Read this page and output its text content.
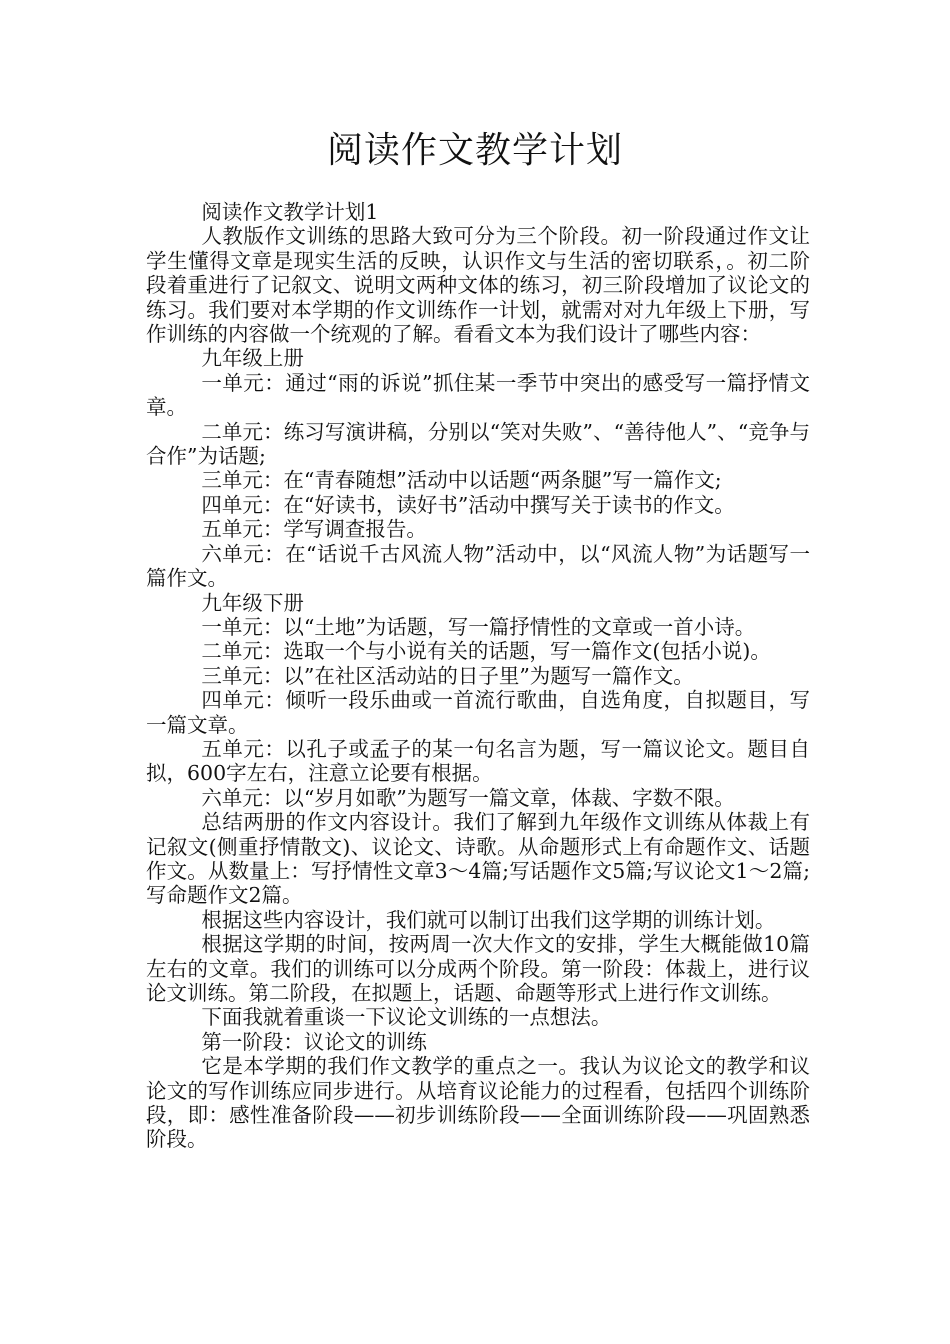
阅读作文教学计划

阅读作文教学计划1

人教版作文训练的思路大致可分为三个阶段。初一阶段通过作文让学生懂得文章是现实生活的反映，认识作文与生活的密切联系，。初二阶段着重进行了记叙文、说明文两种文体的练习，初三阶段增加了议论文的练习。我们要对本学期的作文训练作一计划，就需对对九年级上下册，写作训练的内容做一个统观的了解。看看文本为我们设计了哪些内容：

九年级上册

一单元：通过“雨的诉说”抓住某一季节中突出的感受写一篇抒情文章。

二单元：练习写演讲稿，分别以“笑对失败”、“善待他人”、“竞争与合作”为话题;

三单元：在“青春随想”活动中以话题“两条腿”写一篇作文;

四单元：在“好读书，读好书”活动中撰写关于读书的作文。

五单元：学写调查报告。

六单元：在“话说千古风流人物”活动中，以“风流人物”为话题写一篇作文。

九年级下册

一单元：以“土地”为话题，写一篇抒情性的文章或一首小诗。

二单元：选取一个与小说有关的话题，写一篇作文(包括小说)。

三单元：以”在社区活动站的日子里”为题写一篇作文。

四单元：倾听一段乐曲或一首流行歌曲，自选角度，自拟题目，写一篇文章。

五单元：以孔子或孟子的某一句名言为题，写一篇议论文。题目自拟，600字左右，注意立论要有根据。

六单元：以“岁月如歌”为题写一篇文章，体裁、字数不限。

总结两册的作文内容设计。我们了解到九年级作文训练从体裁上有记叙文(侧重抒情散文)、议论文、诗歌。从命题形式上有命题作文、话题作文。从数量上：写抒情性文章3～4篇;写话题作文5篇;写议论文1～2篇;写命题作文2篇。

根据这些内容设计，我们就可以制订出我们这学期的训练计划。

根据这学期的时间，按两周一次大作文的安排，学生大概能做10篇左右的文章。我们的训练可以分成两个阶段。第一阶段：体裁上，进行议论文训练。第二阶段，在拟题上，话题、命题等形式上进行作文训练。

下面我就着重谈一下议论文训练的一点想法。

第一阶段：议论文的训练

它是本学期的我们作文教学的重点之一。我认为议论文的教学和议论文的写作训练应同步进行。从培育议论能力的过程看，包括四个训练阶段，即：感性准备阶段——初步训练阶段——全面训练阶段——巩固熟悉阶段。
